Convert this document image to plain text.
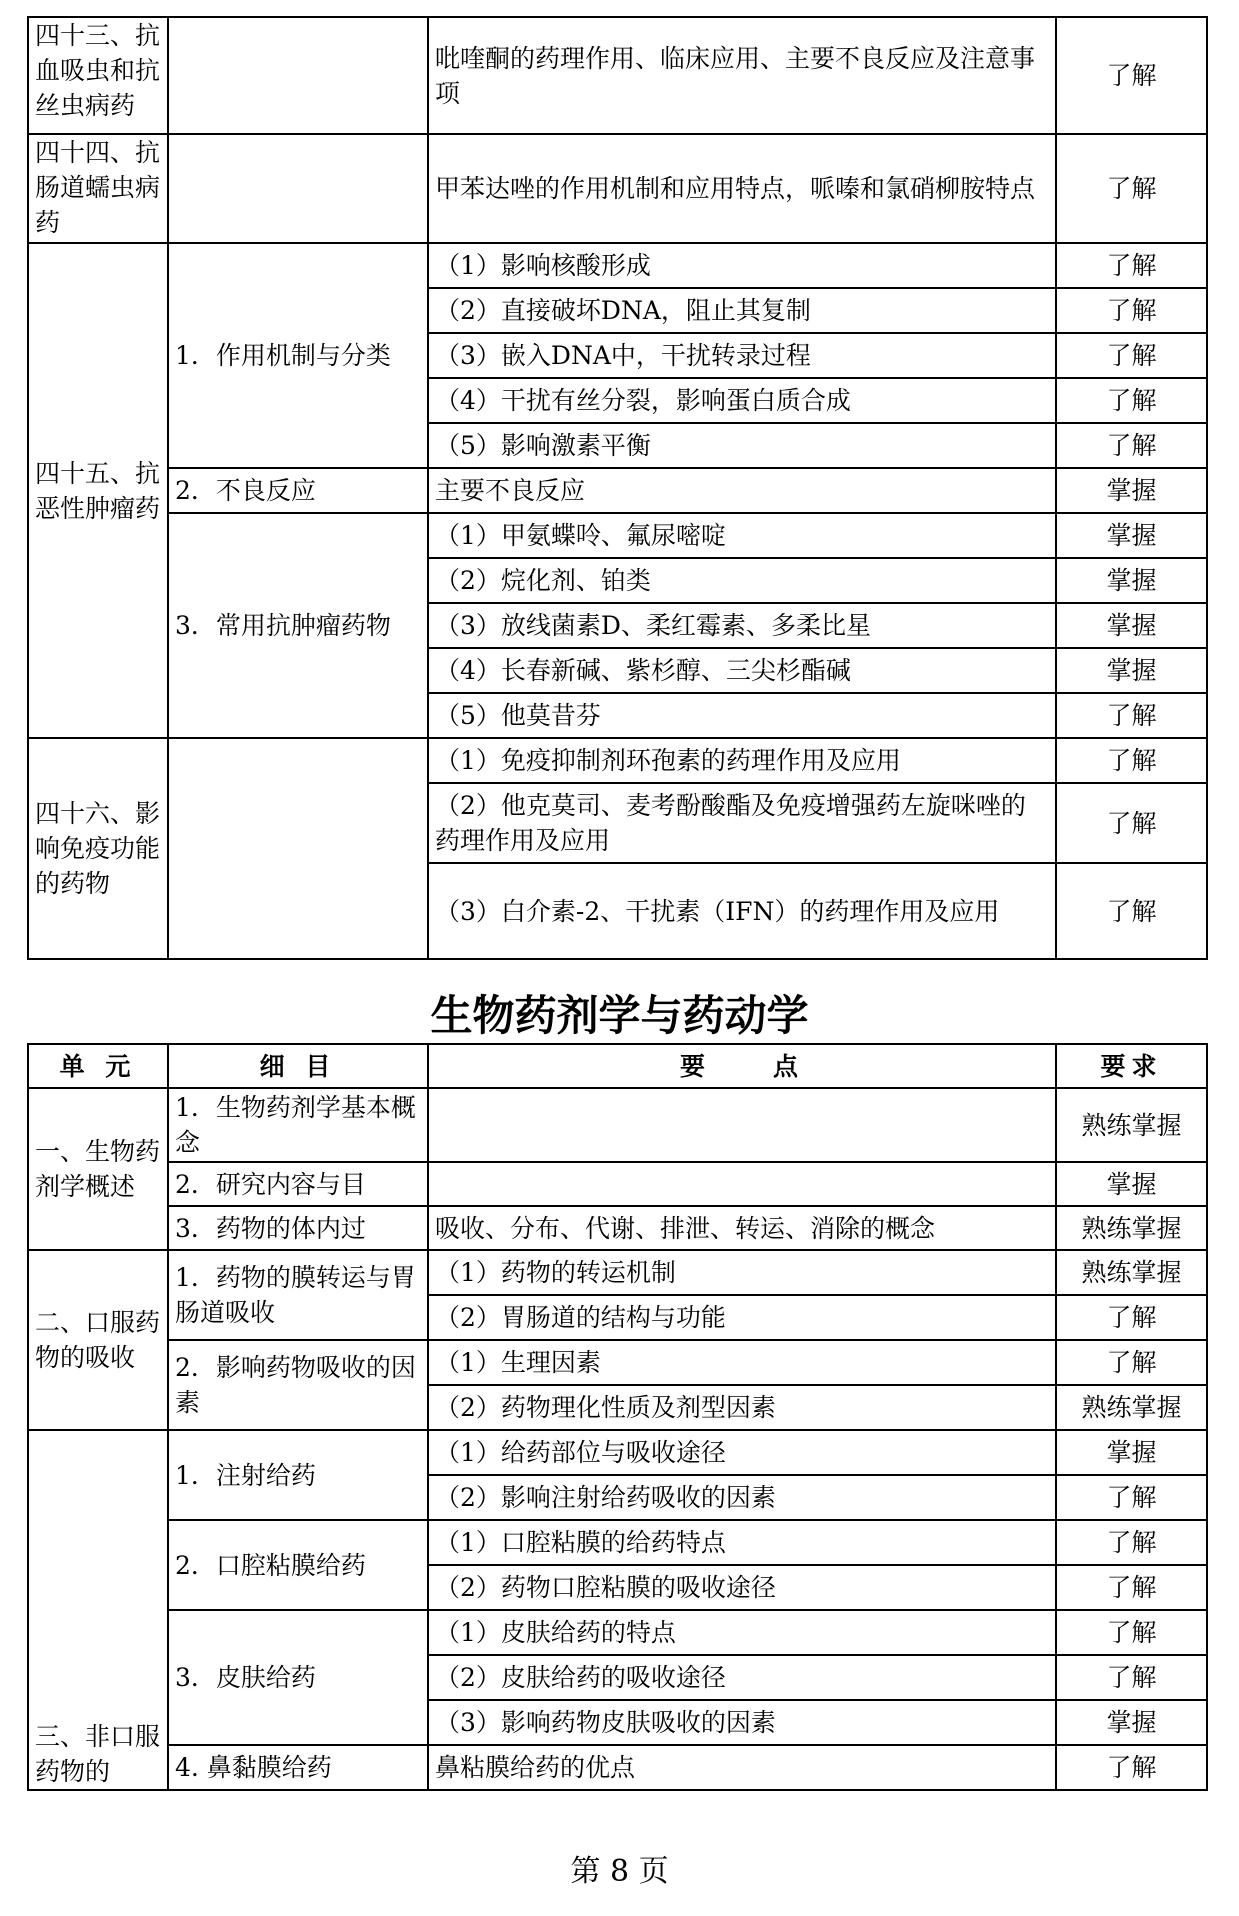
四十三、抗血吸虫和抗丝虫病药		吡喹酮的药理作用、临床应用、主要不良反应及注意事项	了解
四十四、抗肠道蠕虫病药		甲苯达唑的作用机制和应用特点，哌嗪和氯硝柳胺特点	了解
四十五、抗恶性肿瘤药	1．作用机制与分类	（1）影响核酸形成	了解
		（2）直接破坏DNA，阻止其复制	了解
		（3）嵌入DNA中，干扰转录过程	了解
		（4）干扰有丝分裂，影响蛋白质合成	了解
		（5）影响激素平衡	了解
	2．不良反应	主要不良反应	掌握
	3．常用抗肿瘤药物	（1）甲氨蝶呤、氟尿嘧啶	掌握
		（2）烷化剂、铂类	掌握
		（3）放线菌素D、柔红霉素、多柔比星	掌握
		（4）长春新碱、紫杉醇、三尖杉酯碱	掌握
		（5）他莫昔芬	了解
四十六、影响免疫功能的药物		（1）免疫抑制剂环孢素的药理作用及应用	了解
		（2）他克莫司、麦考酚酸酯及免疫增强药左旋咪唑的药理作用及应用	了解
		（3）白介素-2、干扰素（IFN）的药理作用及应用	了解
生物药剂学与药动学
单 元	细 目	要　　点	要求
一、生物药剂学概述	1．生物药剂学基本概念		熟练掌握
	2．研究内容与目		掌握
	3．药物的体内过	吸收、分布、代谢、排泄、转运、消除的概念	熟练掌握
二、口服药物的吸收	1．药物的膜转运与胃肠道吸收	（1）药物的转运机制	熟练掌握
		（2）胃肠道的结构与功能	了解
	2．影响药物吸收的因素	（1）生理因素	了解
		（2）药物理化性质及剂型因素	熟练掌握
三、非口服药物的	1．注射给药	（1）给药部位与吸收途径	掌握
		（2）影响注射给药吸收的因素	了解
	2．口腔粘膜给药	（1）口腔粘膜的给药特点	了解
		（2）药物口腔粘膜的吸收途径	了解
	3．皮肤给药	（1）皮肤给药的特点	了解
		（2）皮肤给药的吸收途径	了解
		（3）影响药物皮肤吸收的因素	掌握
	4. 鼻黏膜给药	鼻粘膜给药的优点	了解
第 8 页
